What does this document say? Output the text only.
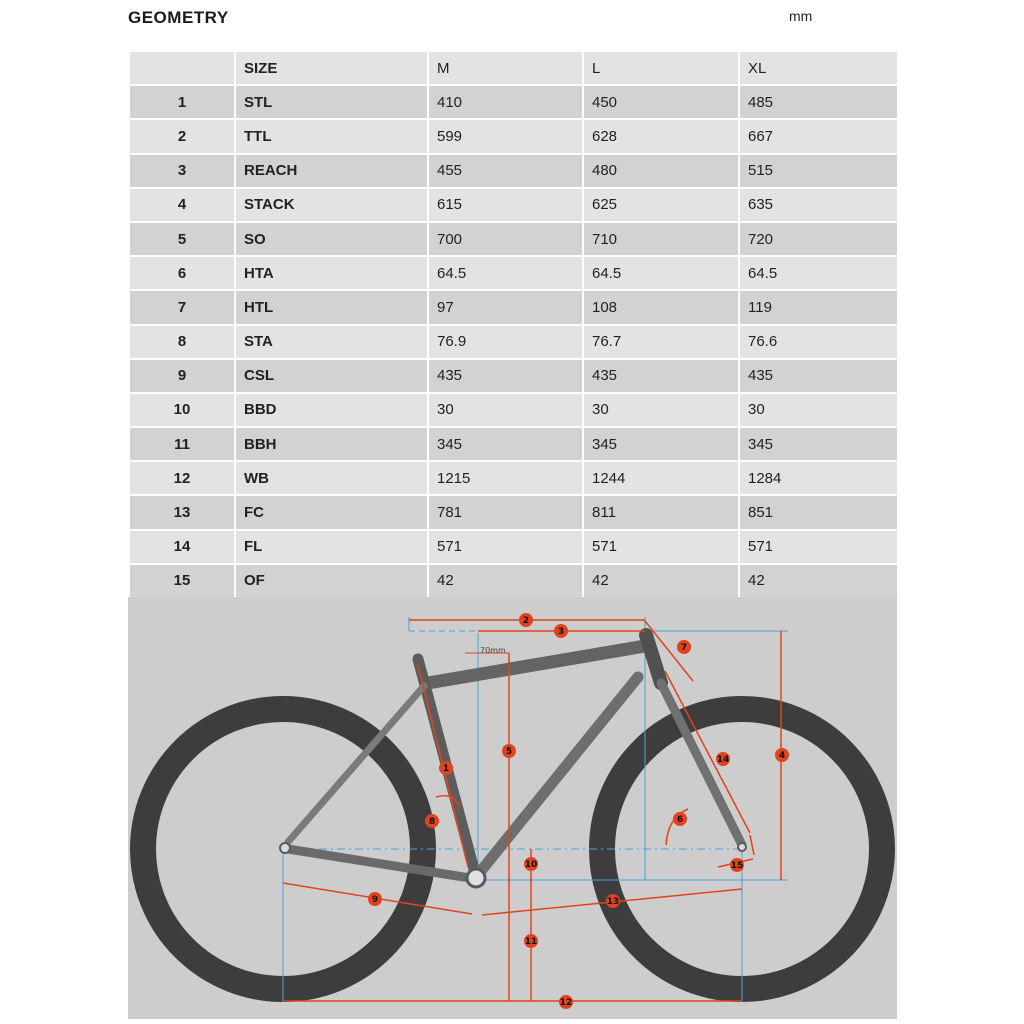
GEOMETRY	mm
	SIZE	M	L	XL
1	STL	410	450	485
2	TTL	599	628	667
3	REACH	455	480	515
4	STACK	615	625	635
5	SO	700	710	720
6	HTA	64.5	64.5	64.5
7	HTL	97	108	119
8	STA	76.9	76.7	76.6
9	CSL	435	435	435
10	BBD	30	30	30
11	BBH	345	345	345
12	WB	1215	1244	1284
13	FC	781	811	851
14	FL	571	571	571
15	OF	42	42	42
70mm
1
2
3
4
5
6
7
8
9
10
11
12
13
14
15
